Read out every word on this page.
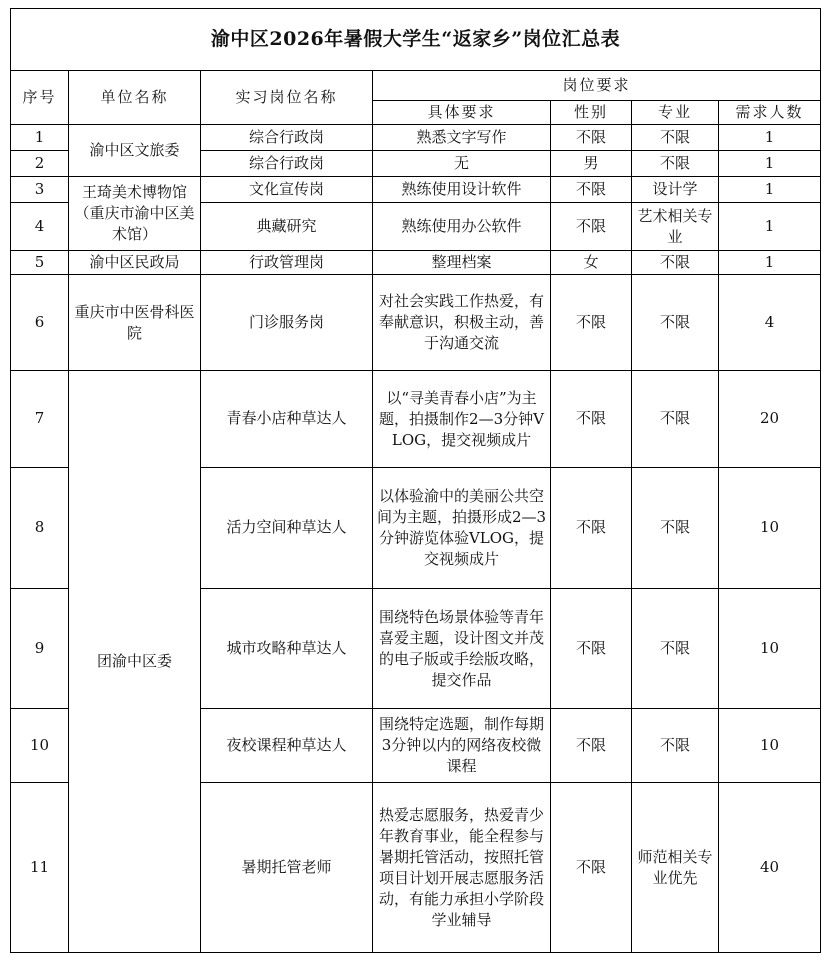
渝中区2026年暑假大学生“返家乡”岗位汇总表						
序号	单位名称	实习岗位名称	岗位要求			
			具体要求	性别	专业	需求人数
1	渝中区文旅委	综合行政岗	熟悉文字写作	不限	不限	1
2		综合行政岗	无	男	不限	1
3	王琦美术博物馆（重庆市渝中区美术馆）	文化宣传岗	熟练使用设计软件	不限	设计学	1
4		典藏研究	熟练使用办公软件	不限	艺术相关专业	1
5	渝中区民政局	行政管理岗	整理档案	女	不限	1
6	重庆市中医骨科医院	门诊服务岗	对社会实践工作热爱，有奉献意识，积极主动，善于沟通交流	不限	不限	4
7	团渝中区委	青春小店种草达人	以“寻美青春小店”为主题，拍摄制作2—3分钟VLOG，提交视频成片	不限	不限	20
8		活力空间种草达人	以体验渝中的美丽公共空间为主题，拍摄形成2—3分钟游览体验VLOG，提交视频成片	不限	不限	10
9		城市攻略种草达人	围绕特色场景体验等青年喜爱主题，设计图文并茂的电子版或手绘版攻略，提交作品	不限	不限	10
10		夜校课程种草达人	围绕特定选题，制作每期3分钟以内的网络夜校微课程	不限	不限	10
11		暑期托管老师	热爱志愿服务，热爱青少年教育事业，能全程参与暑期托管活动，按照托管项目计划开展志愿服务活动，有能力承担小学阶段学业辅导	不限	师范相关专业优先	40
